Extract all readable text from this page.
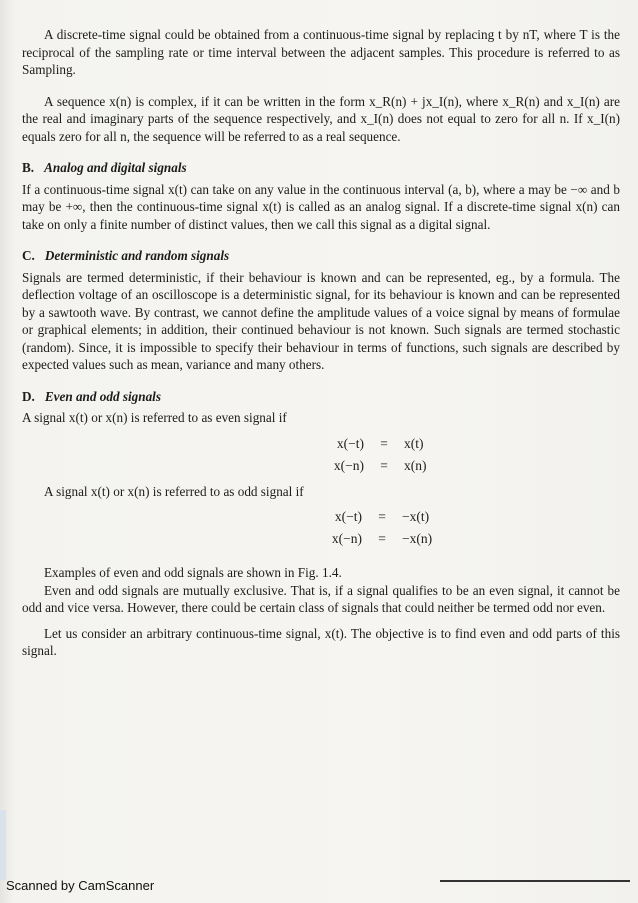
A discrete-time signal could be obtained from a continuous-time signal by replacing t by nT, where T is the reciprocal of the sampling rate or time interval between the adjacent samples. This procedure is referred to as Sampling.

A sequence x(n) is complex, if it can be written in the form x_R(n) + jx_I(n), where x_R(n) and x_I(n) are the real and imaginary parts of the sequence respectively, and x_I(n) does not equal to zero for all n. If x_I(n) equals zero for all n, the sequence will be referred to as a real sequence.

B. Analog and digital signals

If a continuous-time signal x(t) can take on any value in the continuous interval (a, b), where a may be −∞ and b may be +∞, then the continuous-time signal x(t) is called as an analog signal. If a discrete-time signal x(n) can take on only a finite number of distinct values, then we call this signal as a digital signal.

C. Deterministic and random signals

Signals are termed deterministic, if their behaviour is known and can be represented, eg., by a formula. The deflection voltage of an oscilloscope is a deterministic signal, for its behaviour is known and can be represented by a sawtooth wave. By contrast, we cannot define the amplitude values of a voice signal by means of formulae or graphical elements; in addition, their continued behaviour is not known. Such signals are termed stochastic (random). Since, it is impossible to specify their behaviour in terms of functions, such signals are described by expected values such as mean, variance and many others.

D. Even and odd signals

A signal x(t) or x(n) is referred to as even signal if

x(−t)	=	x(t)
x(−n)	=	x(n)

A signal x(t) or x(n) is referred to as odd signal if

x(−t)	=	−x(t)
x(−n)	=	−x(n)

Examples of even and odd signals are shown in Fig. 1.4.

Even and odd signals are mutually exclusive. That is, if a signal qualifies to be an even signal, it cannot be odd and vice versa. However, there could be certain class of signals that could neither be termed odd nor even.

Let us consider an arbitrary continuous-time signal, x(t). The objective is to find even and odd parts of this signal.

Scanned by CamScanner
